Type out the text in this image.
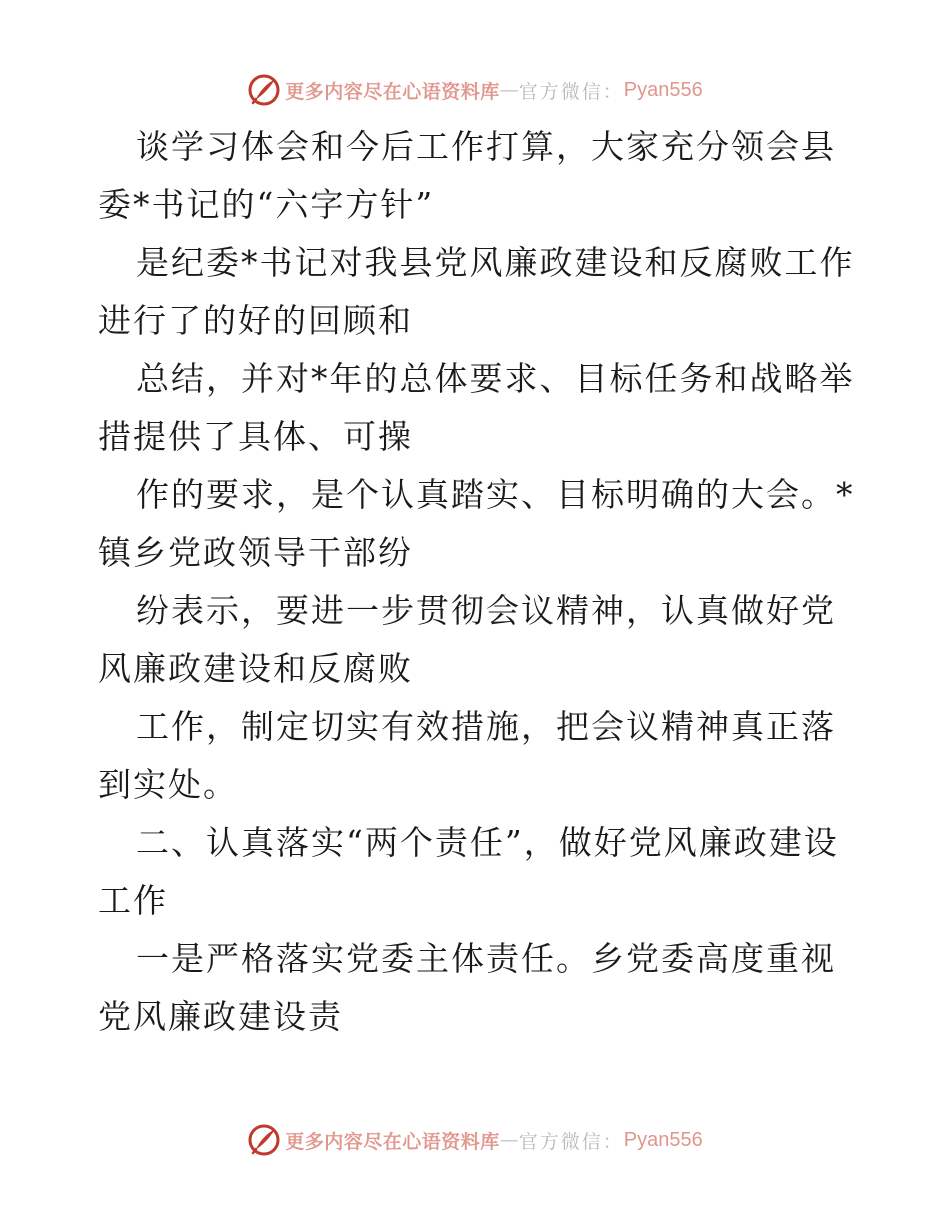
更多内容尽在心语资料库 — 官方微信： Pyan556

谈学习体会和今后工作打算，大家充分领会县委*书记的“六字方针”

是纪委*书记对我县党风廉政建设和反腐败工作进行了的好的回顾和

总结，并对*年的总体要求、目标任务和战略举措提供了具体、可操

作的要求，是个认真踏实、目标明确的大会。*镇乡党政领导干部纷

纷表示，要进一步贯彻会议精神，认真做好党风廉政建设和反腐败

工作，制定切实有效措施，把会议精神真正落到实处。

二、认真落实“两个责任”，做好党风廉政建设工作

一是严格落实党委主体责任。乡党委高度重视党风廉政建设责

更多内容尽在心语资料库 — 官方微信： Pyan556
